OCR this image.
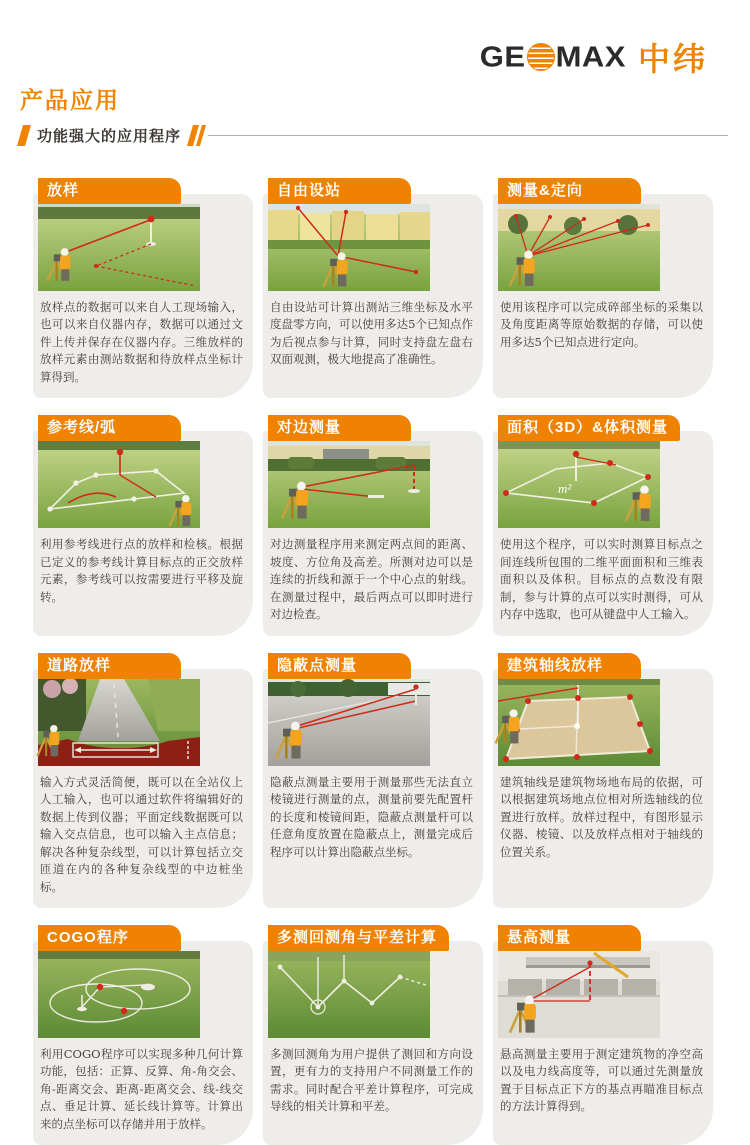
GE MAX 中纬
产品应用
功能强大的应用程序
放样
放样点的数据可以来自人工现场输入，也可以来自仪器内存，数据可以通过文件上传并保存在仪器内存。三维放样的放样元素由测站数据和待放样点坐标计算得到。
自由设站
自由设站可计算出测站三维坐标及水平度盘零方向，可以使用多达5个已知点作为后视点参与计算，同时支持盘左盘右双面观测，极大地提高了准确性。
测量&定向
使用该程序可以完成碎部坐标的采集以及角度距离等原始数据的存储，可以使用多达5个已知点进行定向。
参考线/弧
利用参考线进行点的放样和检核。根据已定义的参考线计算目标点的正交放样元素，参考线可以按需要进行平移及旋转。
对边测量
对边测量程序用来测定两点间的距离、坡度、方位角及高差。所测对边可以是连续的折线和源于一个中心点的射线。在测量过程中，最后两点可以即时进行对边检查。
面积（3D）&体积测量
m²
使用这个程序，可以实时测算目标点之间连线所包围的二维平面面积和三维表面积以及体积。目标点的点数没有限制，参与计算的点可以实时测得，可从内存中选取，也可从键盘中人工输入。
道路放样
输入方式灵活简便，既可以在全站仪上人工输入，也可以通过软件将编辑好的数据上传到仪器；平面定线数据既可以输入交点信息，也可以输入主点信息；解决各种复杂线型，可以计算包括立交匝道在内的各种复杂线型的中边桩坐标。
隐蔽点测量
隐蔽点测量主要用于测量那些无法直立棱镜进行测量的点，测量前要先配置杆的长度和棱镜间距，隐蔽点测量杆可以任意角度放置在隐蔽点上，测量完成后程序可以计算出隐蔽点坐标。
建筑轴线放样
建筑轴线是建筑物场地布局的依据，可以根据建筑场地点位相对所选轴线的位置进行放样。放样过程中，有图形显示仪器、棱镜、以及放样点相对于轴线的位置关系。
COGO程序
利用COGO程序可以实现多种几何计算功能，包括：正算、反算、角-角交会、角-距离交会、距离-距离交会、线-线交点、垂足计算、延长线计算等。计算出来的点坐标可以存储并用于放样。
多测回测角与平差计算
多测回测角为用户提供了测回和方向设置，更有力的支持用户不同测量工作的需求。同时配合平差计算程序，可完成导线的相关计算和平差。
悬高测量
悬高测量主要用于测定建筑物的净空高以及电力线高度等，可以通过先测量放置于目标点正下方的基点再瞄准目标点的方法计算得到。
